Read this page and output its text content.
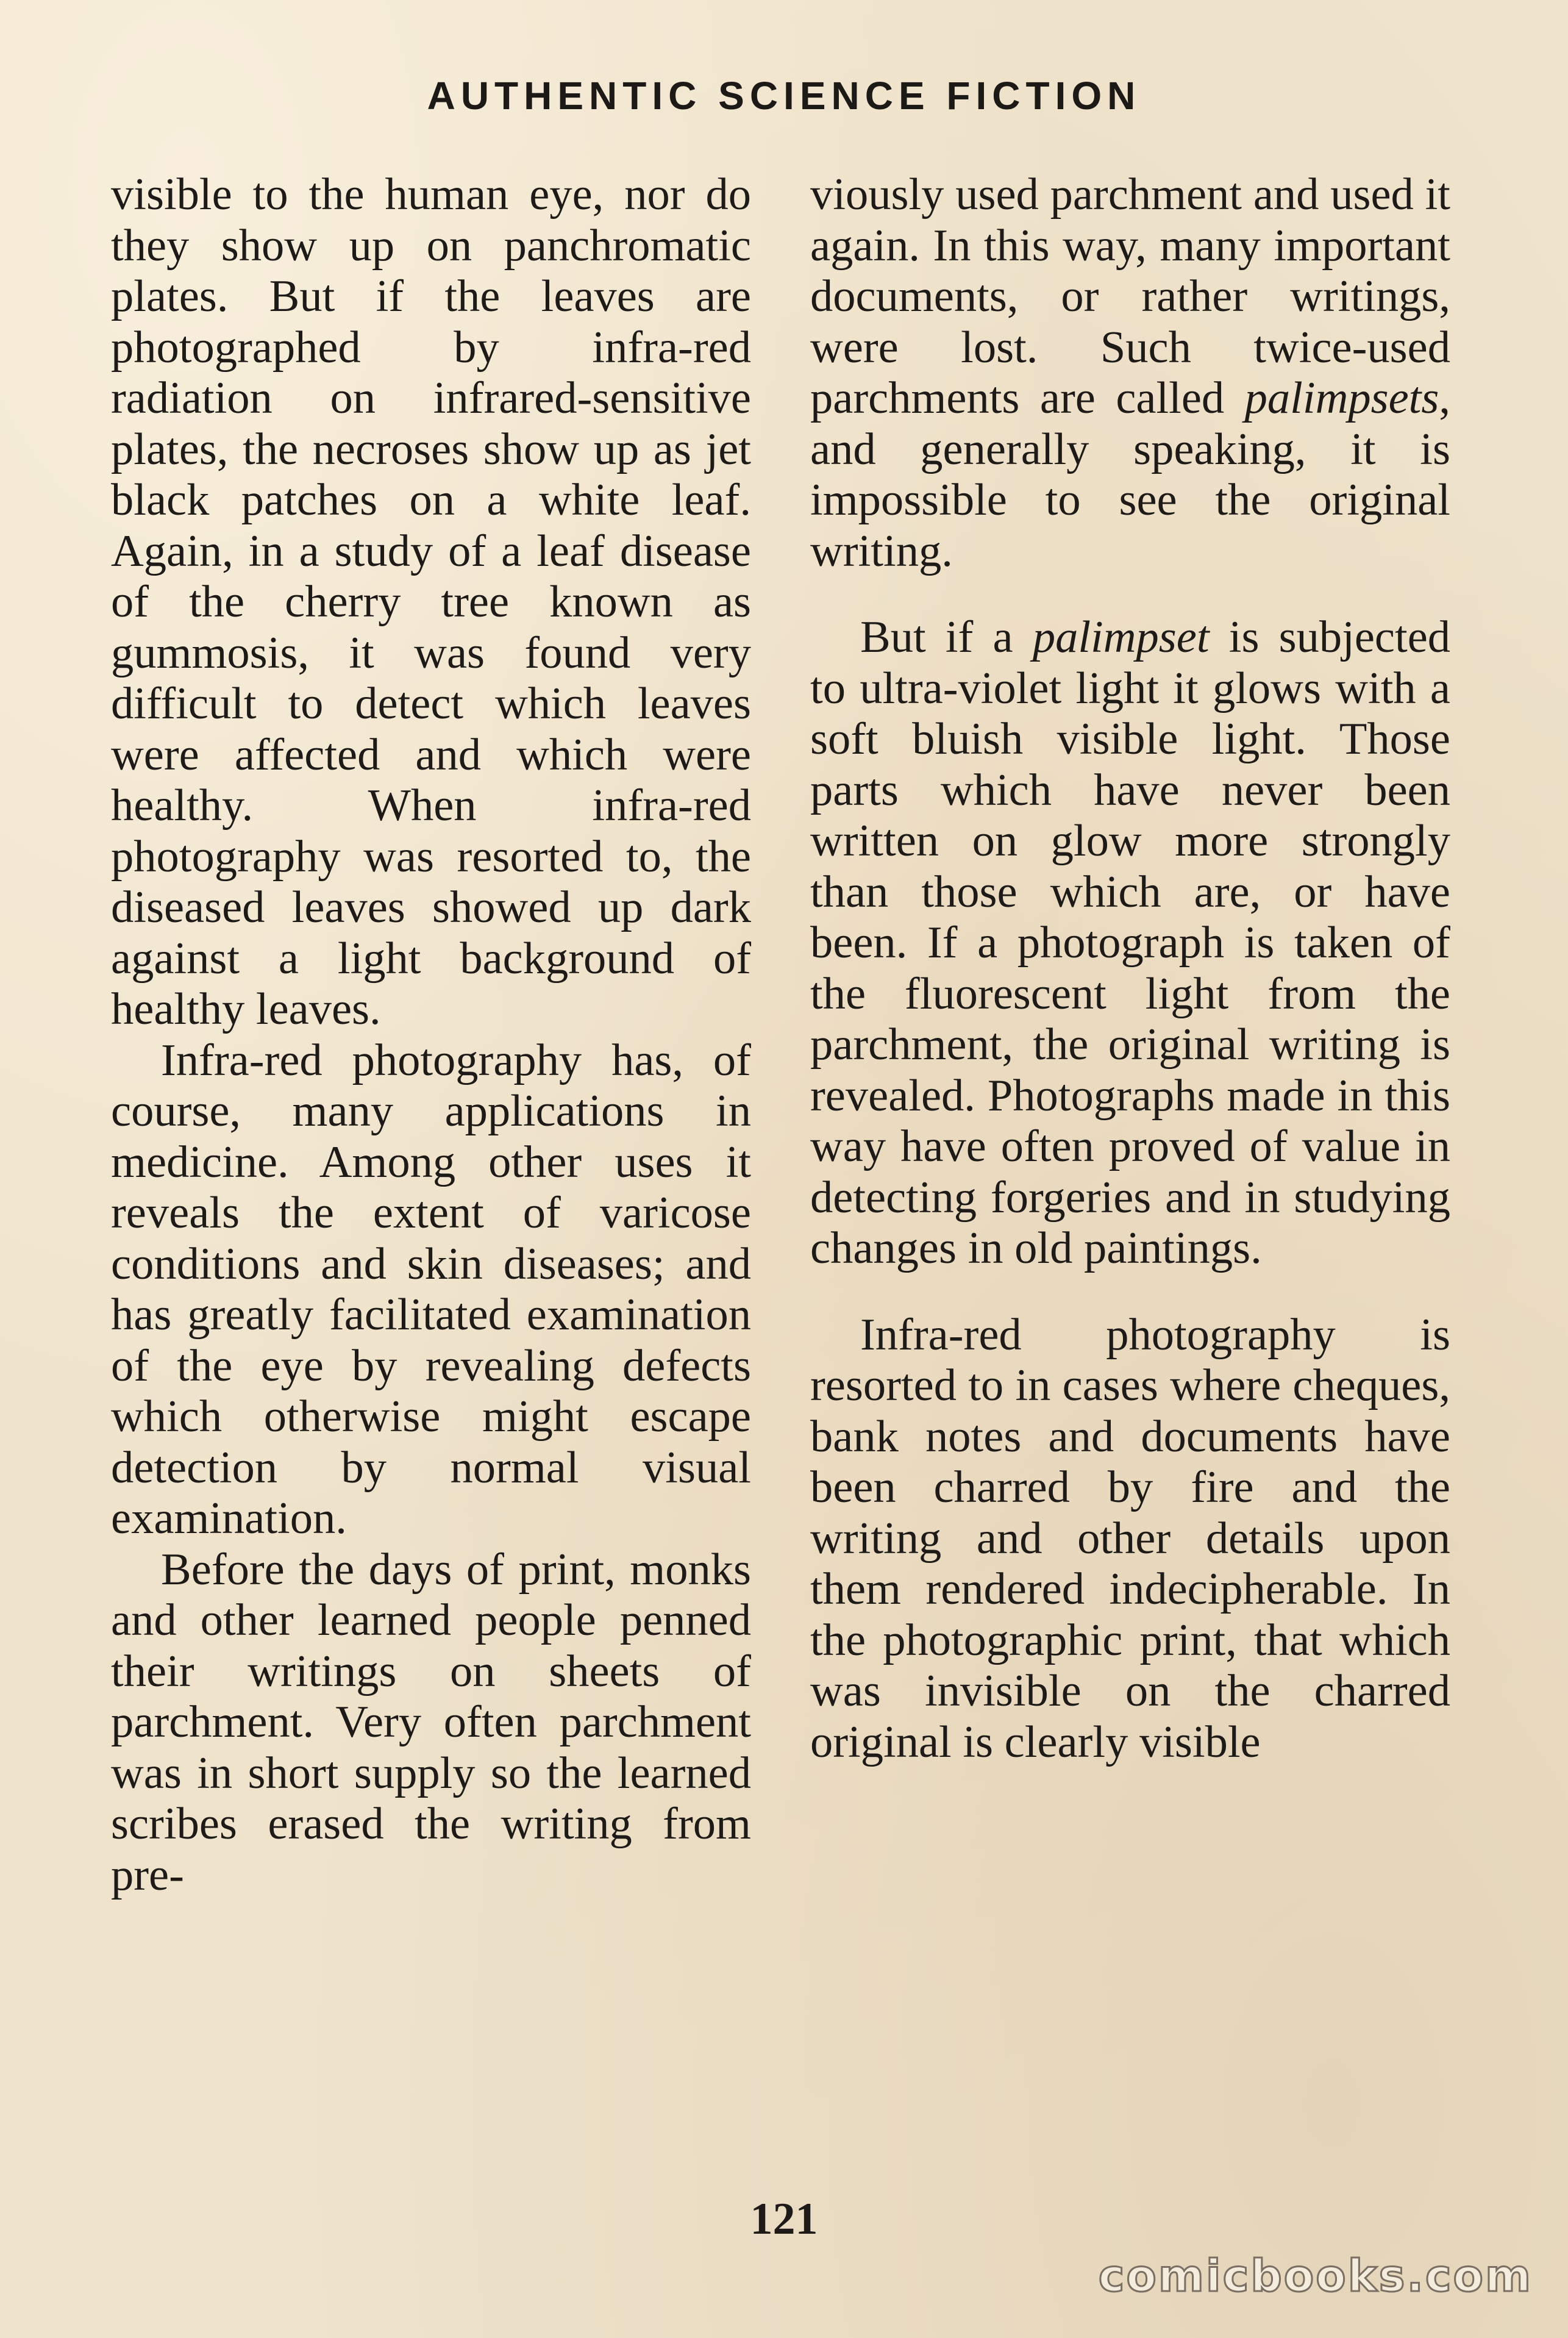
AUTHENTIC SCIENCE FICTION

visible to the human eye, nor do they show up on panchromatic plates. But if the leaves are photographed by infra-red radiation on infrared-sensitive plates, the necroses show up as jet black patches on a white leaf. Again, in a study of a leaf disease of the cherry tree known as gummosis, it was found very difficult to detect which leaves were affected and which were healthy. When infra-red photography was resorted to, the diseased leaves showed up dark against a light background of healthy leaves.

Infra-red photography has, of course, many applications in medicine. Among other uses it reveals the extent of varicose conditions and skin diseases; and has greatly facilitated examination of the eye by revealing defects which otherwise might escape detection by normal visual examination.

Before the days of print, monks and other learned people penned their writings on sheets of parchment. Very often parchment was in short supply so the learned scribes erased the writing from pre-

viously used parchment and used it again. In this way, many important documents, or rather writings, were lost. Such twice-used parchments are called palimpsets, and generally speaking, it is impossible to see the original writing.

But if a palimpset is subjected to ultra-violet light it glows with a soft bluish visible light. Those parts which have never been written on glow more strongly than those which are, or have been. If a photograph is taken of the fluorescent light from the parchment, the original writing is revealed. Photographs made in this way have often proved of value in detecting forgeries and in studying changes in old paintings.

Infra-red photography is resorted to in cases where cheques, bank notes and documents have been charred by fire and the writing and other details upon them rendered indecipherable. In the photographic print, that which was invisible on the charred original is clearly visible

121
comicbooks.com
